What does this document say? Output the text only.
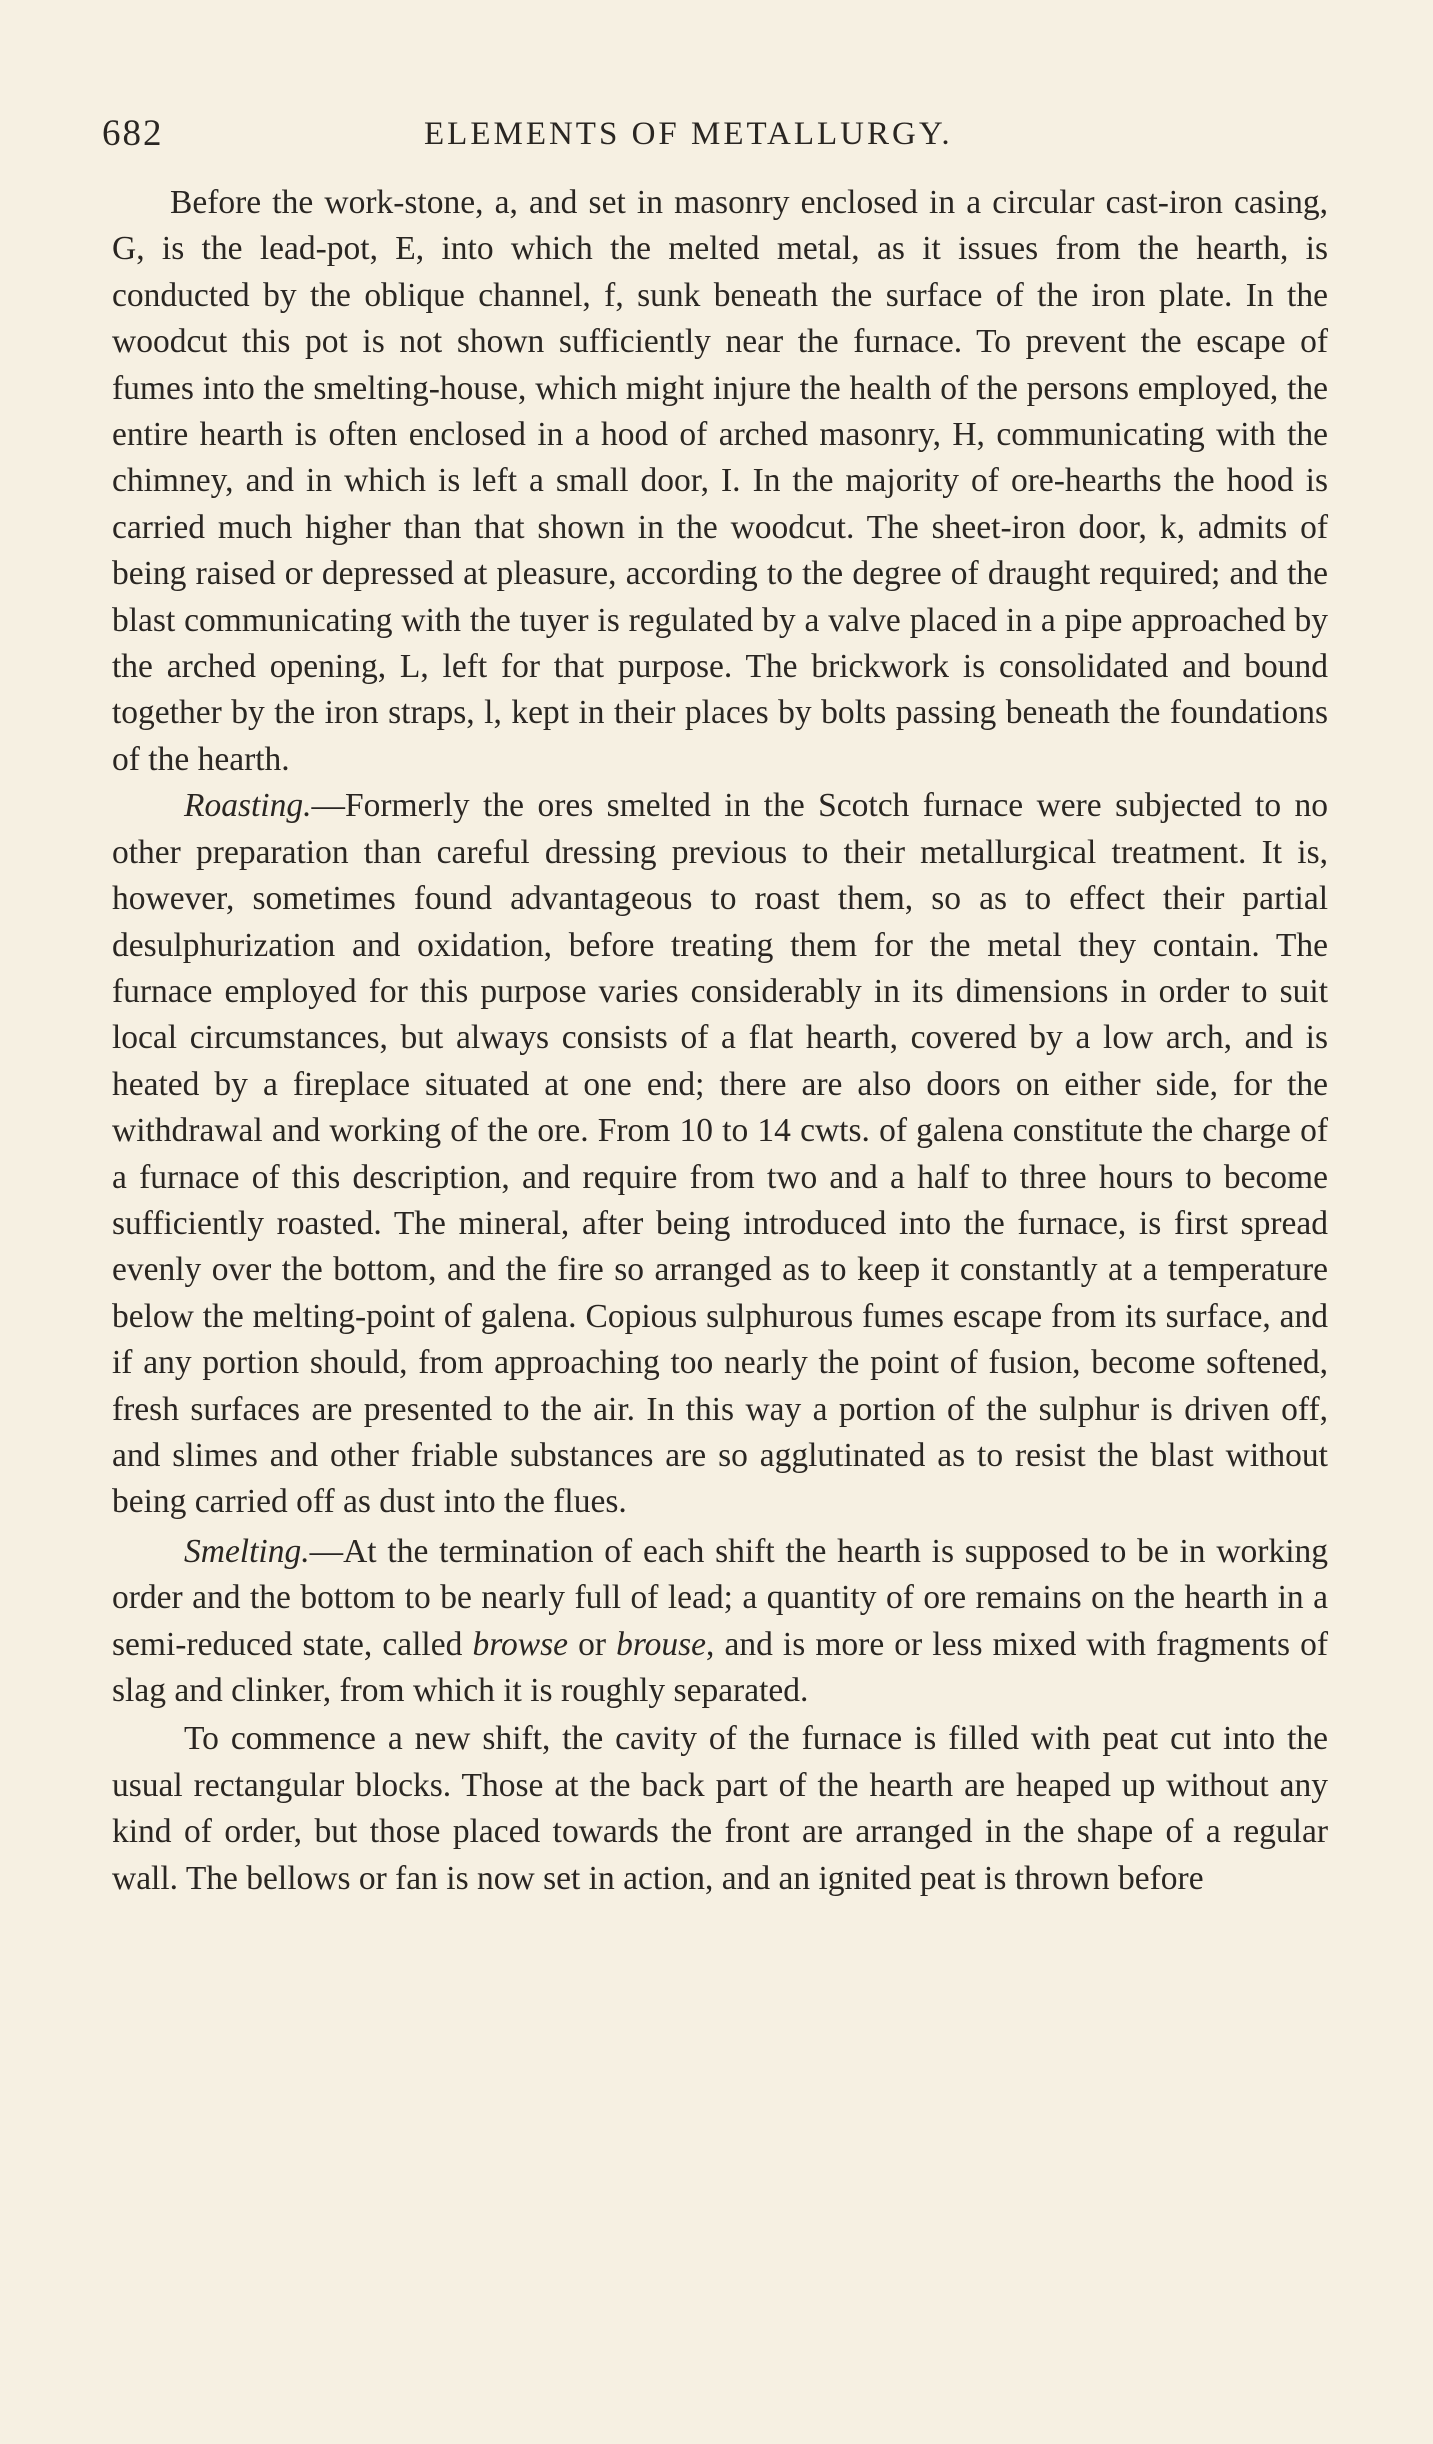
682	ELEMENTS OF METALLURGY.

Before the work-stone, a, and set in masonry enclosed in a circular cast-iron casing, G, is the lead-pot, E, into which the melted metal, as it issues from the hearth, is conducted by the oblique channel, f, sunk beneath the surface of the iron plate. In the woodcut this pot is not shown sufficiently near the furnace. To prevent the escape of fumes into the smelting-house, which might injure the health of the persons employed, the entire hearth is often enclosed in a hood of arched masonry, H, communicating with the chimney, and in which is left a small door, I. In the majority of ore-hearths the hood is carried much higher than that shown in the woodcut. The sheet-iron door, k, admits of being raised or depressed at pleasure, according to the degree of draught required; and the blast communicating with the tuyer is regulated by a valve placed in a pipe approached by the arched opening, L, left for that purpose. The brickwork is consolidated and bound together by the iron straps, l, kept in their places by bolts passing beneath the foundations of the hearth.

Roasting.—Formerly the ores smelted in the Scotch furnace were subjected to no other preparation than careful dressing previous to their metallurgical treatment. It is, however, sometimes found advantageous to roast them, so as to effect their partial desulphurization and oxidation, before treating them for the metal they contain. The furnace employed for this purpose varies considerably in its dimensions in order to suit local circumstances, but always consists of a flat hearth, covered by a low arch, and is heated by a fireplace situated at one end; there are also doors on either side, for the withdrawal and working of the ore. From 10 to 14 cwts. of galena constitute the charge of a furnace of this description, and require from two and a half to three hours to become sufficiently roasted. The mineral, after being introduced into the furnace, is first spread evenly over the bottom, and the fire so arranged as to keep it constantly at a temperature below the melting-point of galena. Copious sulphurous fumes escape from its surface, and if any portion should, from approaching too nearly the point of fusion, become softened, fresh surfaces are presented to the air. In this way a portion of the sulphur is driven off, and slimes and other friable substances are so agglutinated as to resist the blast without being carried off as dust into the flues.

Smelting.—At the termination of each shift the hearth is supposed to be in working order and the bottom to be nearly full of lead; a quantity of ore remains on the hearth in a semi-reduced state, called browse or brouse, and is more or less mixed with fragments of slag and clinker, from which it is roughly separated.

To commence a new shift, the cavity of the furnace is filled with peat cut into the usual rectangular blocks. Those at the back part of the hearth are heaped up without any kind of order, but those placed towards the front are arranged in the shape of a regular wall. The bellows or fan is now set in action, and an ignited peat is thrown before
